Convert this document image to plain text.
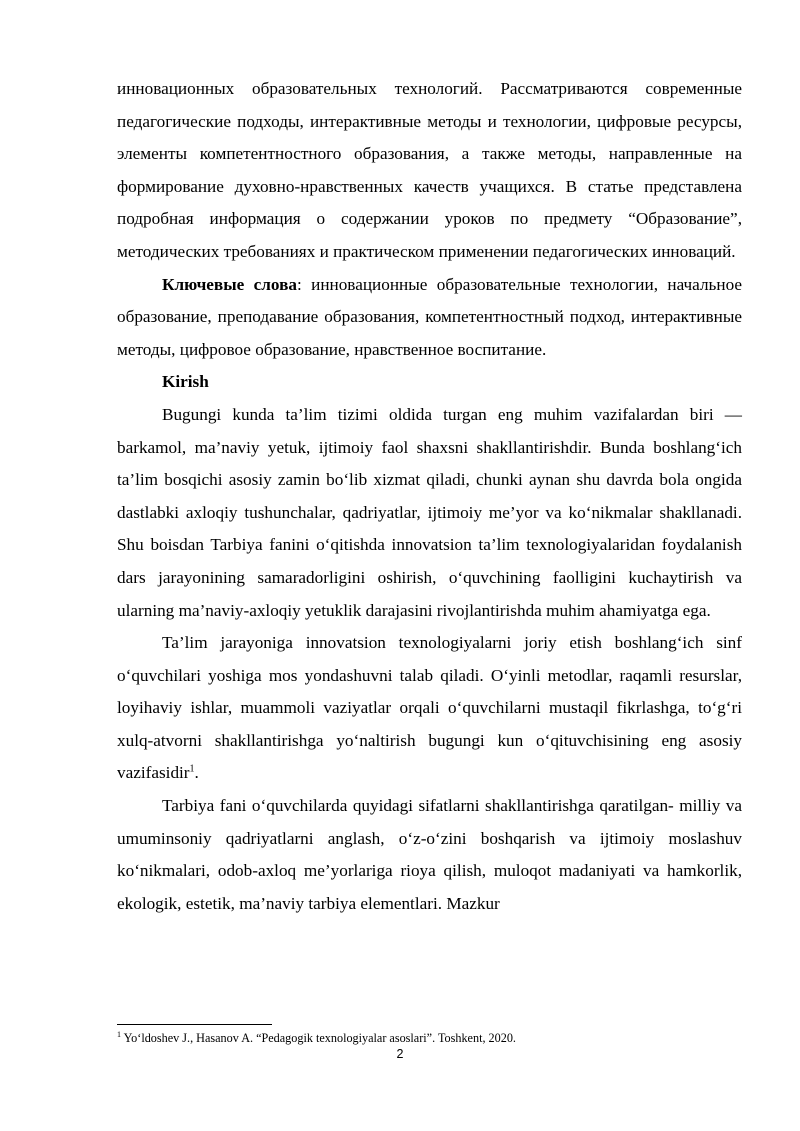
инновационных образовательных технологий. Рассматриваются современные педагогические подходы, интерактивные методы и технологии, цифровые ресурсы, элементы компетентностного образования, а также методы, направленные на формирование духовно-нравственных качеств учащихся. В статье представлена подробная информация о содержании уроков по предмету “Образование”, методических требованиях и практическом применении педагогических инноваций.

Ключевые слова: инновационные образовательные технологии, начальное образование, преподавание образования, компетентностный подход, интерактивные методы, цифровое образование, нравственное воспитание.

Kirish

Bugungi kunda ta’lim tizimi oldida turgan eng muhim vazifalardan biri — barkamol, ma’naviy yetuk, ijtimoiy faol shaxsni shakllantirishdir. Bunda boshlang‘ich ta’lim bosqichi asosiy zamin bo‘lib xizmat qiladi, chunki aynan shu davrda bola ongida dastlabki axloqiy tushunchalar, qadriyatlar, ijtimoiy me’yor va ko‘nikmalar shakllanadi. Shu boisdan Tarbiya fanini o‘qitishda innovatsion ta’lim texnologiyalaridan foydalanish dars jarayonining samaradorligini oshirish, o‘quvchining faolligini kuchaytirish va ularning ma’naviy-axloqiy yetuklik darajasini rivojlantirishda muhim ahamiyatga ega.

Ta’lim jarayoniga innovatsion texnologiyalarni joriy etish boshlang‘ich sinf o‘quvchilari yoshiga mos yondashuvni talab qiladi. O‘yinli metodlar, raqamli resurslar, loyihaviy ishlar, muammoli vaziyatlar orqali o‘quvchilarni mustaqil fikrlashga, to‘g‘ri xulq-atvorni shakllantirishga yo‘naltirish bugungi kun o‘qituvchisining eng asosiy vazifasidir$^1$.

Tarbiya fani o‘quvchilarda quyidagi sifatlarni shakllantirishga qaratilgan- milliy va umuminsoniy qadriyatlarni anglash, o‘z-o‘zini boshqarish va ijtimoiy moslashuv ko‘nikmalari, odob-axloq me’yorlariga rioya qilish, muloqot madaniyati va hamkorlik, ekologik, estetik, ma’naviy tarbiya elementlari. Mazkur

$^1$ Yo‘ldoshev J., Hasanov A. “Pedagogik texnologiyalar asoslari”. Toshkent, 2020.
2
